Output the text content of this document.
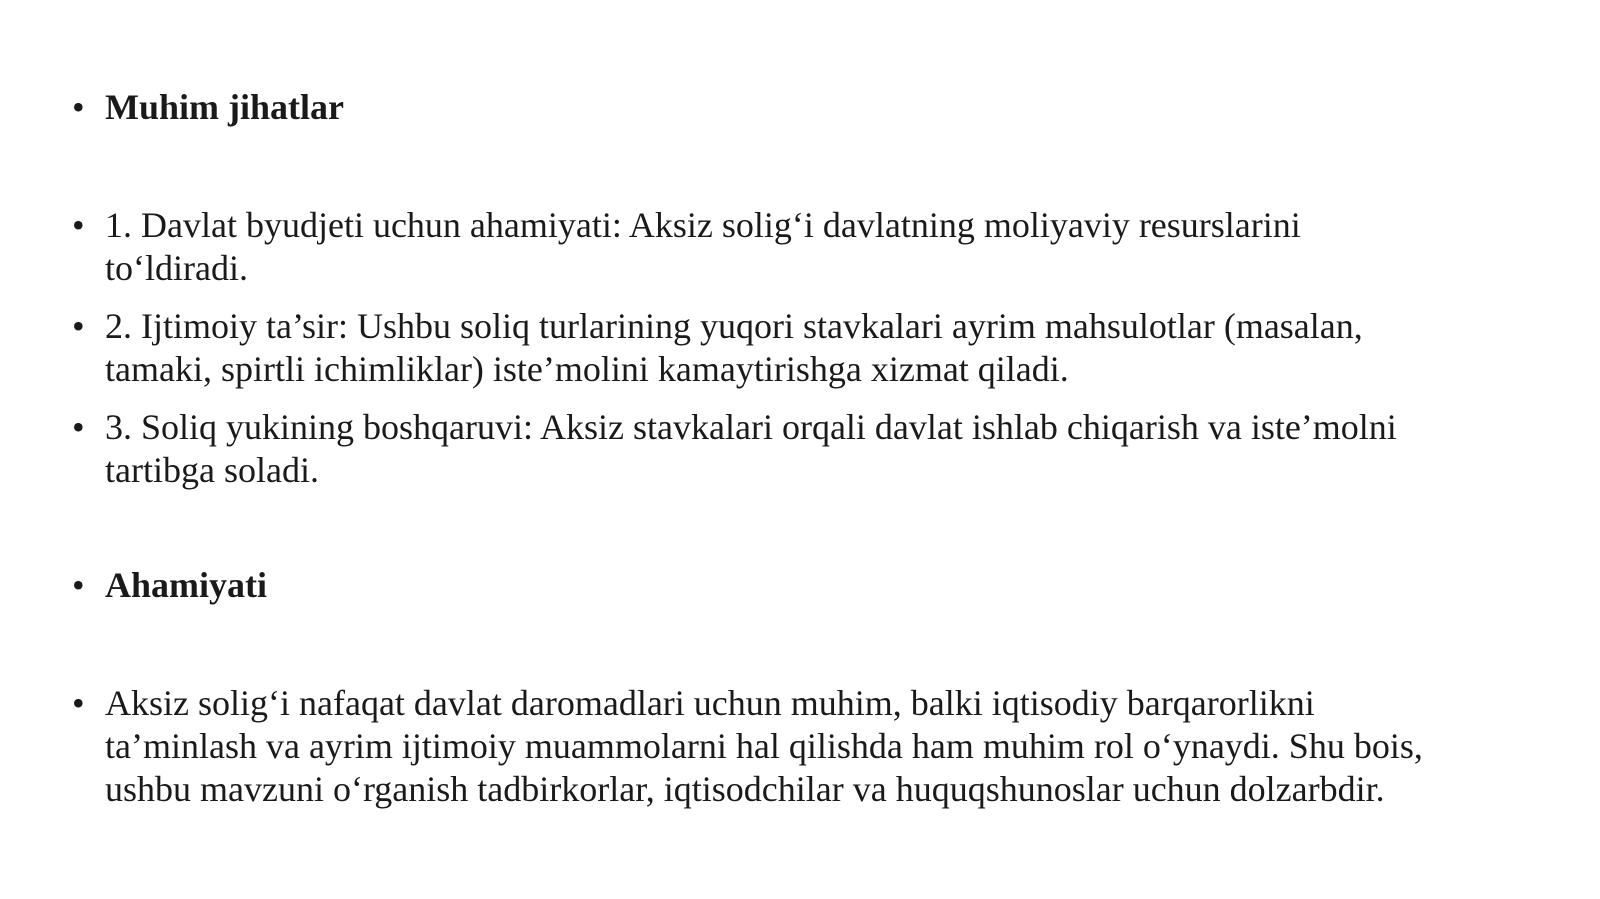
• Muhim jihatlar
• 1. Davlat byudjeti uchun ahamiyati: Aksiz solig‘i davlatning moliyaviy resurslarini to‘ldiradi.
• 2. Ijtimoiy ta’sir: Ushbu soliq turlarining yuqori stavkalari ayrim mahsulotlar (masalan, tamaki, spirtli ichimliklar) iste’molini kamaytirishga xizmat qiladi.
• 3. Soliq yukining boshqaruvi: Aksiz stavkalari orqali davlat ishlab chiqarish va iste’molni tartibga soladi.
• Ahamiyati
• Aksiz solig‘i nafaqat davlat daromadlari uchun muhim, balki iqtisodiy barqarorlikni ta’minlash va ayrim ijtimoiy muammolarni hal qilishda ham muhim rol o‘ynaydi. Shu bois, ushbu mavzuni o‘rganish tadbirkorlar, iqtisodchilar va huquqshunoslar uchun dolzarbdir.
